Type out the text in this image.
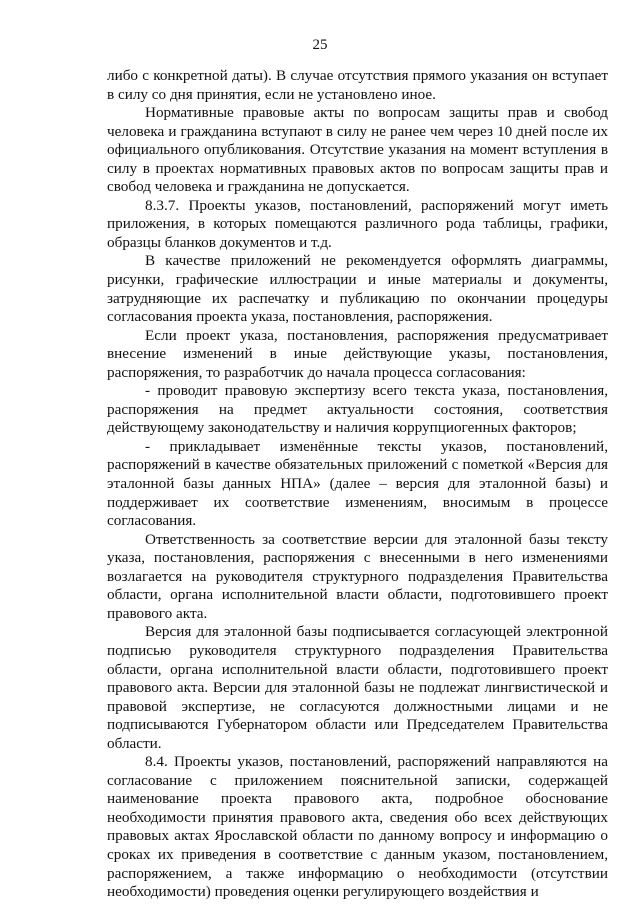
25

либо с конкретной даты). В случае отсутствия прямого указания он вступает в силу со дня принятия, если не установлено иное.

Нормативные правовые акты по вопросам защиты прав и свобод человека и гражданина вступают в силу не ранее чем через 10 дней после их официального опубликования. Отсутствие указания на момент вступления в силу в проектах нормативных правовых актов по вопросам защиты прав и свобод человека и гражданина не допускается.

8.3.7. Проекты указов, постановлений, распоряжений могут иметь приложения, в которых помещаются различного рода таблицы, графики, образцы бланков документов и т.д.

В качестве приложений не рекомендуется оформлять диаграммы, рисунки, графические иллюстрации и иные материалы и документы, затрудняющие их распечатку и публикацию по окончании процедуры согласования проекта указа, постановления, распоряжения.

Если проект указа, постановления, распоряжения предусматривает внесение изменений в иные действующие указы, постановления, распоряжения, то разработчик до начала процесса согласования:

- проводит правовую экспертизу всего текста указа, постановления, распоряжения на предмет актуальности состояния, соответствия действующему законодательству и наличия коррупциогенных факторов;

- прикладывает изменённые тексты указов, постановлений, распоряжений в качестве обязательных приложений с пометкой «Версия для эталонной базы данных НПА» (далее – версия для эталонной базы) и поддерживает их соответствие изменениям, вносимым в процессе согласования.

Ответственность за соответствие версии для эталонной базы тексту указа, постановления, распоряжения с внесенными в него изменениями возлагается на руководителя структурного подразделения Правительства области, органа исполнительной власти области, подготовившего проект правового акта.

Версия для эталонной базы подписывается согласующей электронной подписью руководителя структурного подразделения Правительства области, органа исполнительной власти области, подготовившего проект правового акта. Версии для эталонной базы не подлежат лингвистической и правовой экспертизе, не согласуются должностными лицами и не подписываются Губернатором области или Председателем Правительства области.

8.4. Проекты указов, постановлений, распоряжений направляются на согласование с приложением пояснительной записки, содержащей наименование проекта правового акта, подробное обоснование необходимости принятия правового акта, сведения обо всех действующих правовых актах Ярославской области по данному вопросу и информацию о сроках их приведения в соответствие с данным указом, постановлением, распоряжением, а также информацию о необходимости (отсутствии необходимости) проведения оценки регулирующего воздействия и
